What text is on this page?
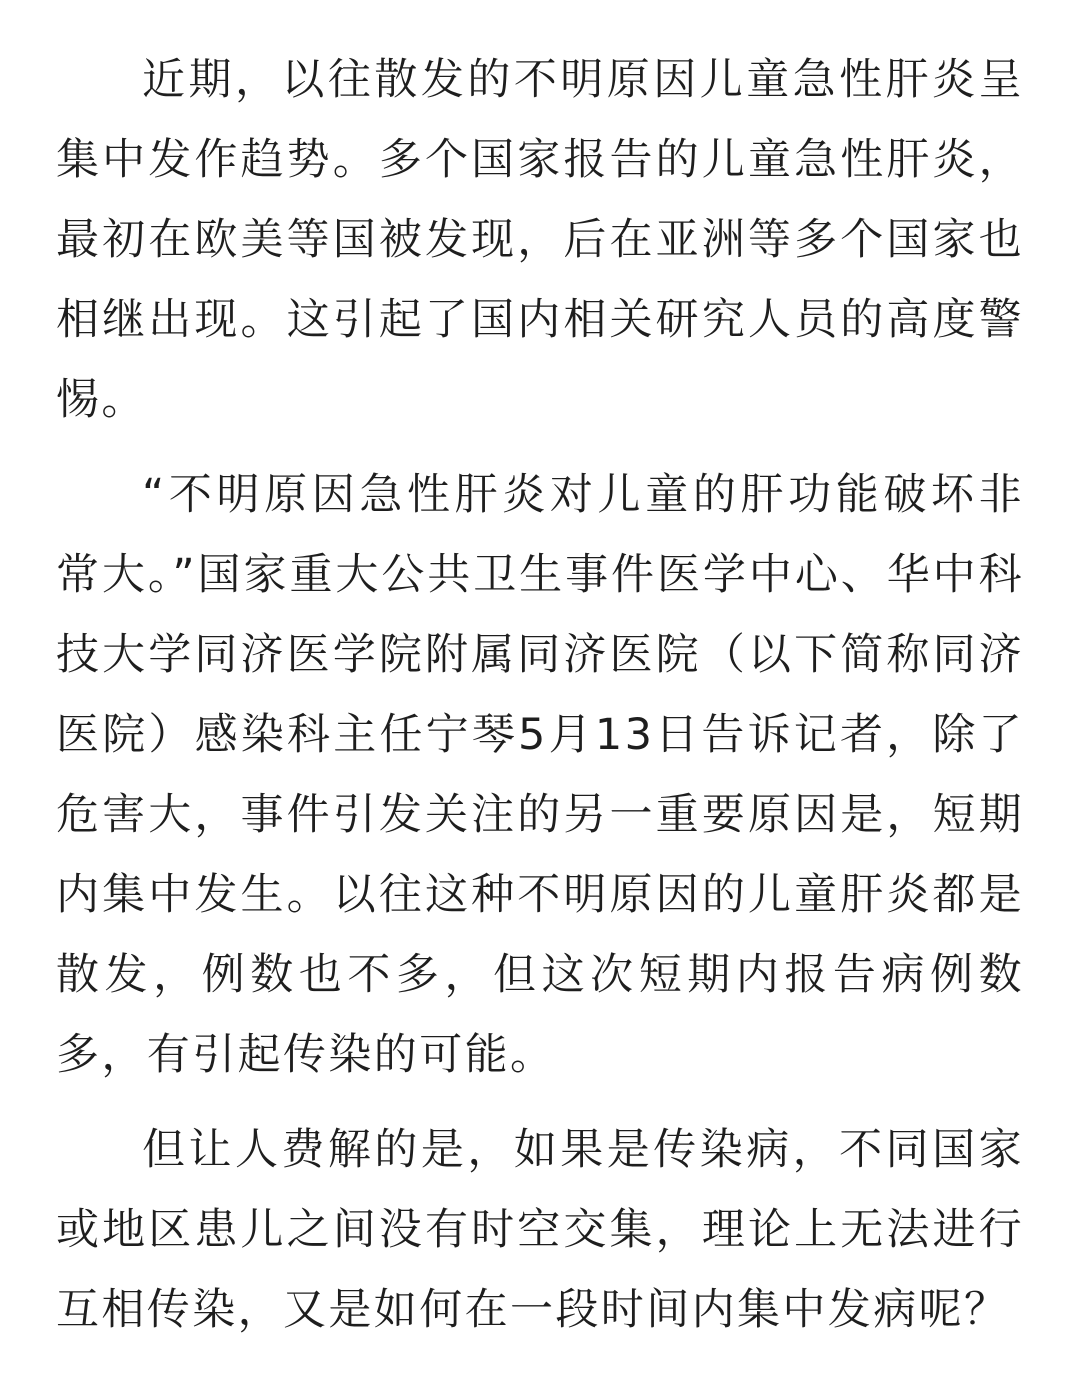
近期，以往散发的不明原因儿童急性肝炎呈集中发作趋势。多个国家报告的儿童急性肝炎，最初在欧美等国被发现，后在亚洲等多个国家也相继出现。这引起了国内相关研究人员的高度警惕。

“不明原因急性肝炎对儿童的肝功能破坏非常大。”国家重大公共卫生事件医学中心、华中科技大学同济医学院附属同济医院（以下简称同济医院）感染科主任宁琴5月13日告诉记者，除了危害大，事件引发关注的另一重要原因是，短期内集中发生。以往这种不明原因的儿童肝炎都是散发，例数也不多，但这次短期内报告病例数多，有引起传染的可能。

但让人费解的是，如果是传染病，不同国家或地区患儿之间没有时空交集，理论上无法进行互相传染，又是如何在一段时间内集中发病呢？
